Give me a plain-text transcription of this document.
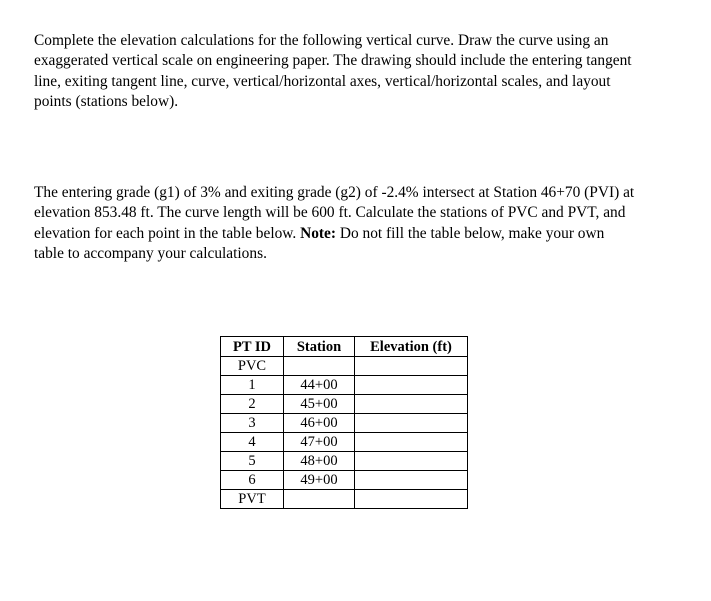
Complete the elevation calculations for the following vertical curve. Draw the curve using an
exaggerated vertical scale on engineering paper. The drawing should include the entering tangent
line, exiting tangent line, curve, vertical/horizontal axes, vertical/horizontal scales, and layout
points (stations below).

The entering grade (g1) of 3% and exiting grade (g2) of -2.4% intersect at Station 46+70 (PVI) at
elevation 853.48 ft. The curve length will be 600 ft. Calculate the stations of PVC and PVT, and
elevation for each point in the table below. Note: Do not fill the table below, make your own
table to accompany your calculations.

PT ID	Station	Elevation (ft)
PVC		
1	44+00	
2	45+00	
3	46+00	
4	47+00	
5	48+00	
6	49+00	
PVT		
